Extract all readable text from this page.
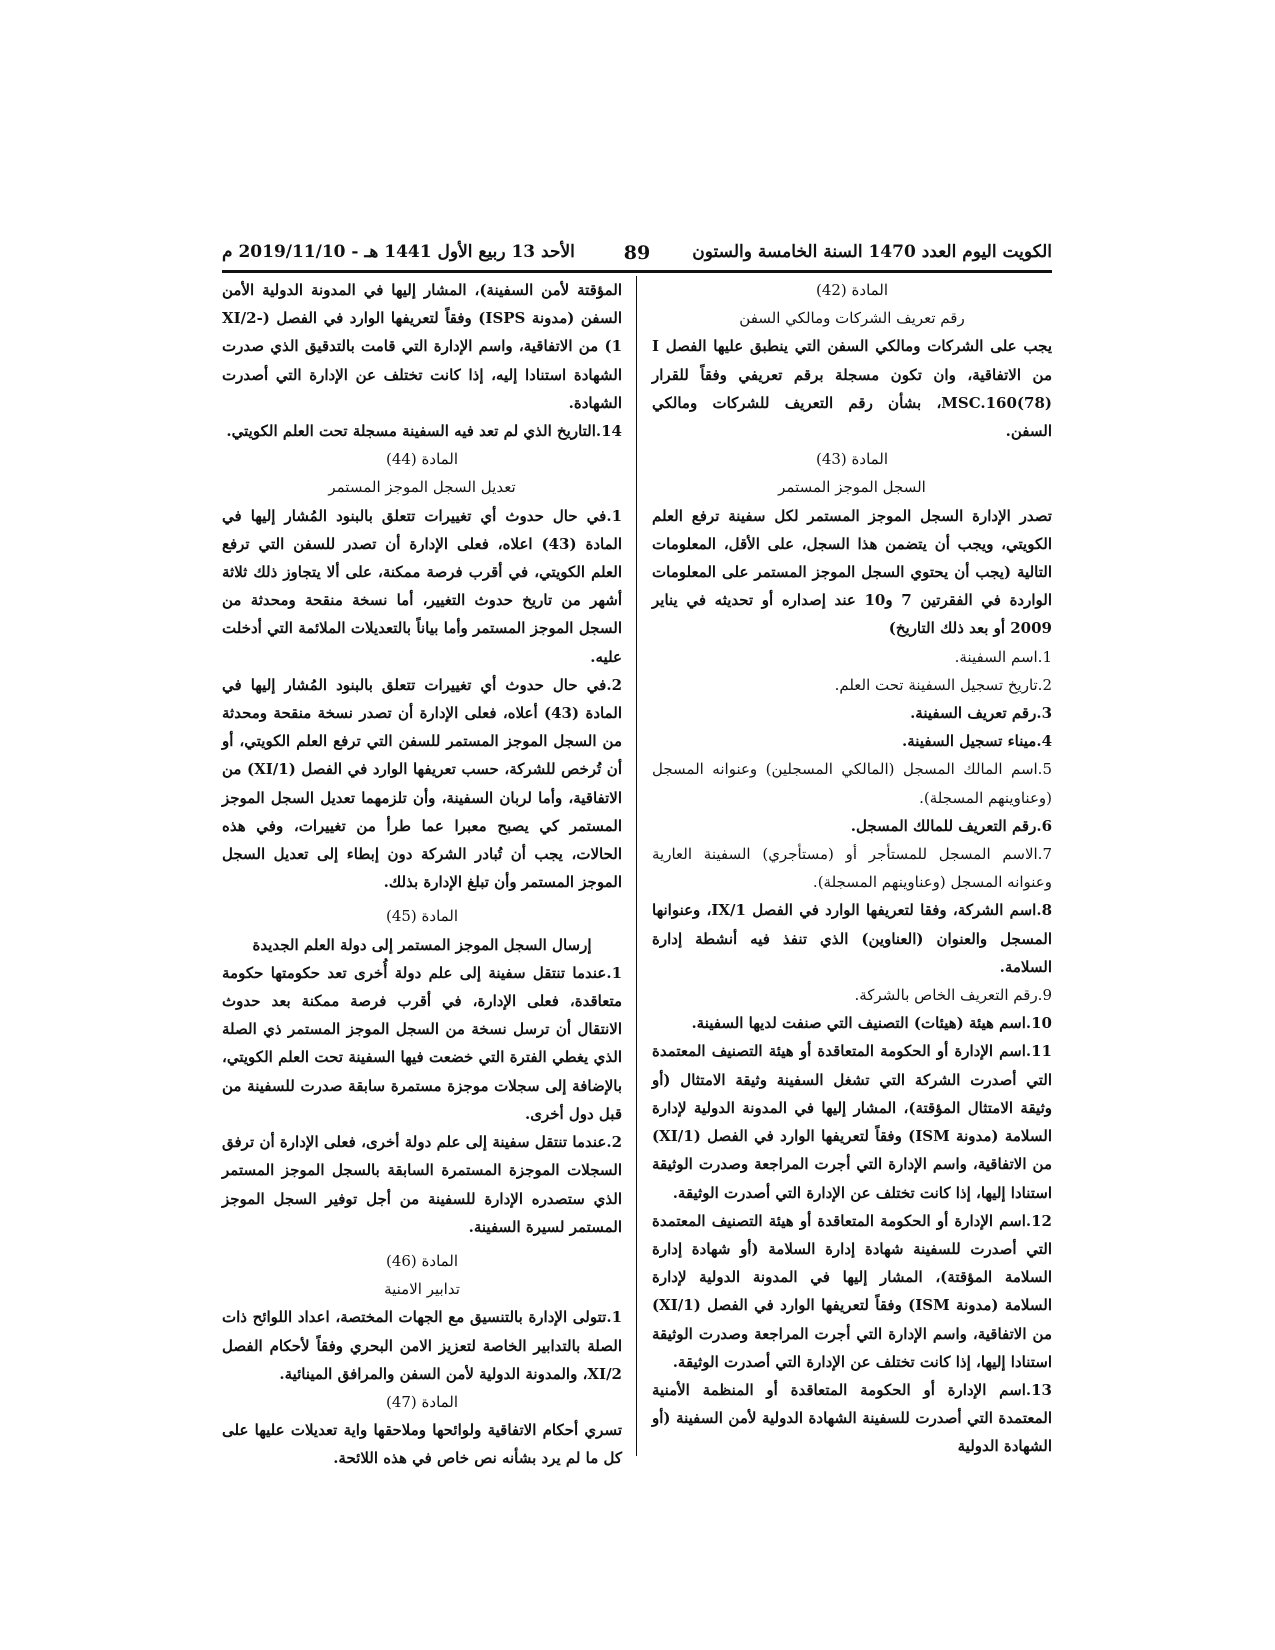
الكويت اليوم العدد 1470 السنة الخامسة والستون
89
الأحد 13 ربيع الأول 1441 هـ - 2019/11/10 م

المادة (42)

رقم تعريف الشركات ومالكي السفن

يجب على الشركات ومالكي السفن التي ينطبق عليها الفصل I من الاتفاقية، وان تكون مسجلة برقم تعريفي وفقاً للقرار MSC.160(78)، بشأن رقم التعريف للشركات ومالكي السفن.

المادة (43)

السجل الموجز المستمر

تصدر الإدارة السجل الموجز المستمر لكل سفينة ترفع العلم الكويتي، ويجب أن يتضمن هذا السجل، على الأقل، المعلومات التالية (يجب أن يحتوي السجل الموجز المستمر على المعلومات الواردة في الفقرتين 7 و10 عند إصداره أو تحديثه في يناير 2009 أو بعد ذلك التاريخ)

1.اسم السفينة.

2.تاريخ تسجيل السفينة تحت العلم.

3.رقم تعريف السفينة.

4.ميناء تسجيل السفينة.

5.اسم المالك المسجل (المالكي المسجلين) وعنوانه المسجل (وعناوينهم المسجلة).

6.رقم التعريف للمالك المسجل.

7.الاسم المسجل للمستأجر أو (مستأجري) السفينة العارية وعنوانه المسجل (وعناوينهم المسجلة).

8.اسم الشركة، وفقا لتعريفها الوارد في الفصل IX/1، وعنوانها المسجل والعنوان (العناوين) الذي تنفذ فيه أنشطة إدارة السلامة.

9.رقم التعريف الخاص بالشركة.

10.اسم هيئة (هيئات) التصنيف التي صنفت لديها السفينة.

11.اسم الإدارة أو الحكومة المتعاقدة أو هيئة التصنيف المعتمدة التي أصدرت الشركة التي تشغل السفينة وثيقة الامتثال (أو وثيقة الامتثال المؤقتة)، المشار إليها في المدونة الدولية لإدارة السلامة (مدونة ISM) وفقاً لتعريفها الوارد في الفصل (XI/1) من الاتفاقية، واسم الإدارة التي أجرت المراجعة وصدرت الوثيقة استنادا إليها، إذا كانت تختلف عن الإدارة التي أصدرت الوثيقة.

12.اسم الإدارة أو الحكومة المتعاقدة أو هيئة التصنيف المعتمدة التي أصدرت للسفينة شهادة إدارة السلامة (أو شهادة إدارة السلامة المؤقتة)، المشار إليها في المدونة الدولية لإدارة السلامة (مدونة ISM) وفقاً لتعريفها الوارد في الفصل (XI/1) من الاتفاقية، واسم الإدارة التي أجرت المراجعة وصدرت الوثيقة استنادا إليها، إذا كانت تختلف عن الإدارة التي أصدرت الوثيقة.

13.اسم الإدارة أو الحكومة المتعاقدة أو المنظمة الأمنية المعتمدة التي أصدرت للسفينة الشهادة الدولية لأمن السفينة (أو الشهادة الدولية

المؤقتة لأمن السفينة)، المشار إليها في المدونة الدولية الأمن السفن (مدونة ISPS) وفقاً لتعريفها الوارد في الفصل (XI/2-1) من الاتفاقية، واسم الإدارة التي قامت بالتدقيق الذي صدرت الشهادة استنادا إليه، إذا كانت تختلف عن الإدارة التي أصدرت الشهادة.

14.التاريخ الذي لم تعد فيه السفينة مسجلة تحت العلم الكويتي.

المادة (44)

تعديل السجل الموجز المستمر

1.في حال حدوث أي تغييرات تتعلق بالبنود المُشار إليها في المادة (43) اعلاه، فعلى الإدارة أن تصدر للسفن التي ترفع العلم الكويتي، في أقرب فرصة ممكنة، على ألا يتجاوز ذلك ثلاثة أشهر من تاريخ حدوث التغيير، أما نسخة منقحة ومحدثة من السجل الموجز المستمر وأما بياناً بالتعديلات الملائمة التي أدخلت عليه.

2.في حال حدوث أي تغييرات تتعلق بالبنود المُشار إليها في المادة (43) أعلاه، فعلى الإدارة أن تصدر نسخة منقحة ومحدثة من السجل الموجز المستمر للسفن التي ترفع العلم الكويتي، أو أن تُرخص للشركة، حسب تعريفها الوارد في الفصل (XI/1) من الاتفاقية، وأما لربان السفينة، وأن تلزمهما تعديل السجل الموجز المستمر كي يصبح معبرا عما طرأ من تغييرات، وفي هذه الحالات، يجب أن تُبادر الشركة دون إبطاء إلى تعديل السجل الموجز المستمر وأن تبلغ الإدارة بذلك.

المادة (45)

إرسال السجل الموجز المستمر إلى دولة العلم الجديدة

1.عندما تنتقل سفينة إلى علم دولة أُخرى تعد حكومتها حكومة متعاقدة، فعلى الإدارة، في أقرب فرصة ممكنة بعد حدوث الانتقال أن ترسل نسخة من السجل الموجز المستمر ذي الصلة الذي يغطي الفترة التي خضعت فيها السفينة تحت العلم الكويتي، بالإضافة إلى سجلات موجزة مستمرة سابقة صدرت للسفينة من قبل دول أخرى.

2.عندما تنتقل سفينة إلى علم دولة أخرى، فعلى الإدارة أن ترفق السجلات الموجزة المستمرة السابقة بالسجل الموجز المستمر الذي ستصدره الإدارة للسفينة من أجل توفير السجل الموجز المستمر لسيرة السفينة.

المادة (46)

تدابير الامنية

1.تتولى الإدارة بالتنسيق مع الجهات المختصة، اعداد اللوائح ذات الصلة بالتدابير الخاصة لتعزيز الامن البحري وفقاً لأحكام الفصل XI/2، والمدونة الدولية لأمن السفن والمرافق المينائية.

المادة (47)

تسري أحكام الاتفاقية ولوائحها وملاحقها واية تعديلات عليها على كل ما لم يرد بشأنه نص خاص في هذه اللائحة.
